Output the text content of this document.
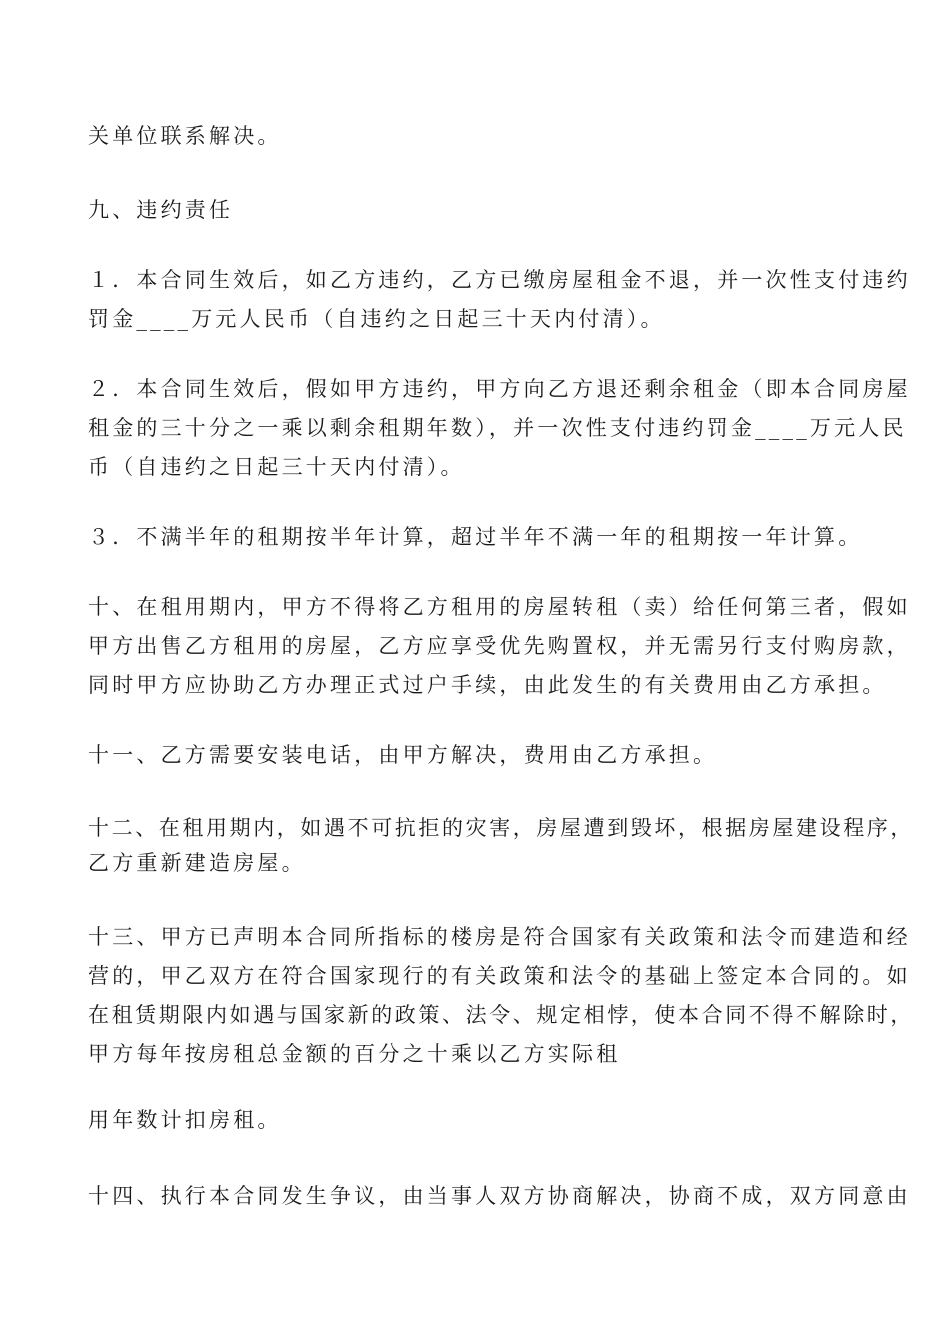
关单位联系解决。
九、违约责任
１．本合同生效后，如乙方违约，乙方已缴房屋租金不退，并一次性支付违约
罚金____万元人民币（自违约之日起三十天内付清）。
２．本合同生效后，假如甲方违约，甲方向乙方退还剩余租金（即本合同房屋
租金的三十分之一乘以剩余租期年数），并一次性支付违约罚金____万元人民
币（自违约之日起三十天内付清）。
３．不满半年的租期按半年计算，超过半年不满一年的租期按一年计算。
十、在租用期内，甲方不得将乙方租用的房屋转租（卖）给任何第三者，假如
甲方出售乙方租用的房屋，乙方应享受优先购置权，并无需另行支付购房款，
同时甲方应协助乙方办理正式过户手续，由此发生的有关费用由乙方承担。
十一、乙方需要安装电话，由甲方解决，费用由乙方承担。
十二、在租用期内，如遇不可抗拒的灾害，房屋遭到毁坏，根据房屋建设程序，
乙方重新建造房屋。
十三、甲方已声明本合同所指标的楼房是符合国家有关政策和法令而建造和经
营的，甲乙双方在符合国家现行的有关政策和法令的基础上签定本合同的。如
在租赁期限内如遇与国家新的政策、法令、规定相悖，使本合同不得不解除时，
甲方每年按房租总金额的百分之十乘以乙方实际租
用年数计扣房租。
十四、执行本合同发生争议，由当事人双方协商解决，协商不成，双方同意由
